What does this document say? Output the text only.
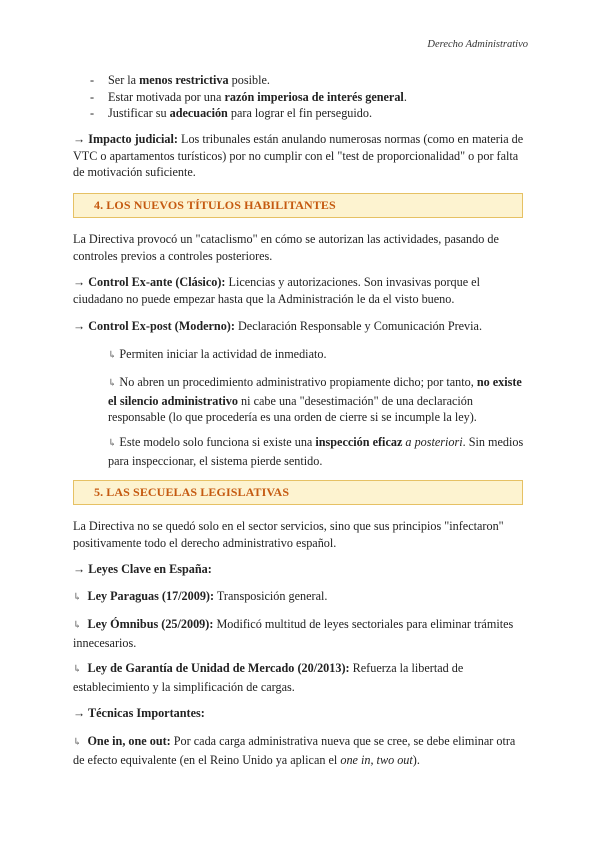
Derecho Administrativo
-	Ser la menos restrictiva posible.
-	Estar motivada por una razón imperiosa de interés general.
-	Justificar su adecuación para lograr el fin perseguido.

→ Impacto judicial: Los tribunales están anulando numerosas normas (como en materia de VTC o apartamentos turísticos) por no cumplir con el "test de proporcionalidad" o por falta de motivación suficiente.

4. LOS NUEVOS TÍTULOS HABILITANTES

La Directiva provocó un "cataclismo" en cómo se autorizan las actividades, pasando de controles previos a controles posteriores.

→ Control Ex-ante (Clásico): Licencias y autorizaciones. Son invasivas porque el ciudadano no puede empezar hasta que la Administración le da el visto bueno.

→ Control Ex-post (Moderno): Declaración Responsable y Comunicación Previa.

↳ Permiten iniciar la actividad de inmediato.

↳ No abren un procedimiento administrativo propiamente dicho; por tanto, no existe el silencio administrativo ni cabe una "desestimación" de una declaración responsable (lo que procedería es una orden de cierre si se incumple la ley).

↳ Este modelo solo funciona si existe una inspección eficaz a posteriori. Sin medios para inspeccionar, el sistema pierde sentido.

5. LAS SECUELAS LEGISLATIVAS

La Directiva no se quedó solo en el sector servicios, sino que sus principios "infectaron" positivamente todo el derecho administrativo español.

→ Leyes Clave en España:

↳ Ley Paraguas (17/2009): Transposición general.

↳ Ley Ómnibus (25/2009): Modificó multitud de leyes sectoriales para eliminar trámites innecesarios.

↳ Ley de Garantía de Unidad de Mercado (20/2013): Refuerza la libertad de establecimiento y la simplificación de cargas.

→ Técnicas Importantes:

↳ One in, one out: Por cada carga administrativa nueva que se cree, se debe eliminar otra de efecto equivalente (en el Reino Unido ya aplican el one in, two out).
